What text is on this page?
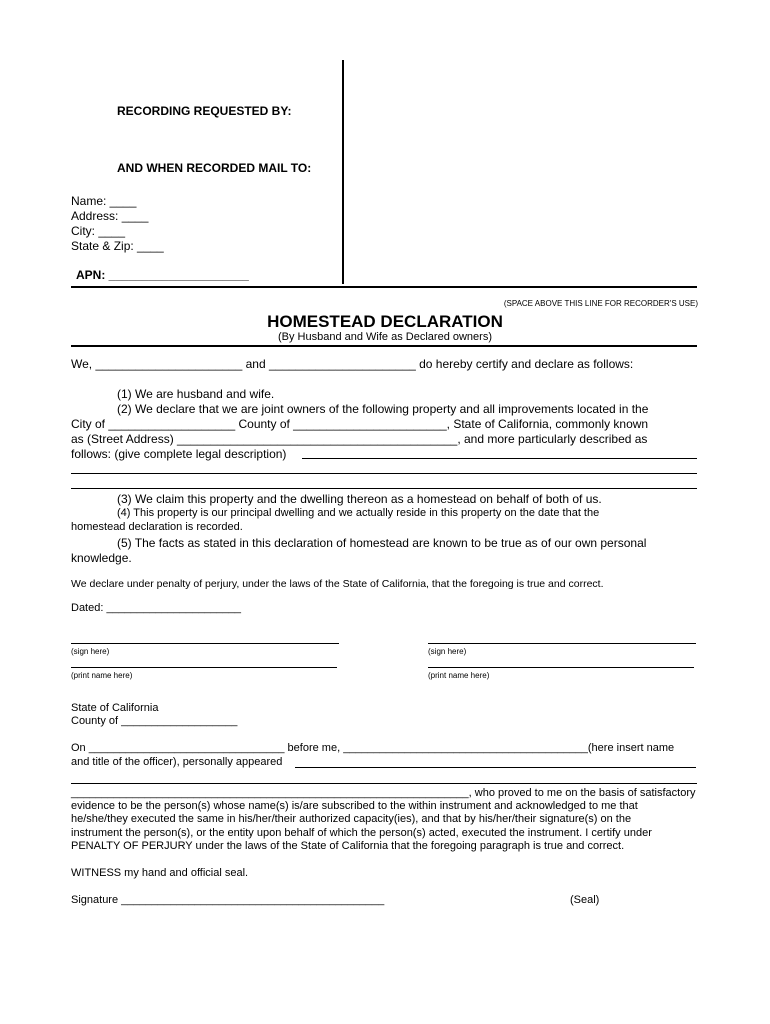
RECORDING REQUESTED BY:
AND WHEN RECORDED MAIL TO:
Name: ____
Address: ____
City: ____
State & Zip: ____
APN: _____________________
(SPACE ABOVE THIS LINE FOR RECORDER'S USE)
HOMESTEAD DECLARATION
(By Husband and Wife as Declared owners)
We, ______________________ and ______________________ do hereby certify and declare as follows:
(1) We are husband and wife.
(2) We declare that we are joint owners of the following property and all improvements located in the
City of ___________________ County of _______________________, State of California, commonly known
as (Street Address) __________________________________________, and more particularly described as
follows: (give complete legal description)
(3) We claim this property and the dwelling thereon as a homestead on behalf of both of us.
(4) This property is our principal dwelling and we actually reside in this property on the date that the
homestead declaration is recorded.
(5) The facts as stated in this declaration of homestead are known to be true as of our own personal
knowledge.
We declare under penalty of perjury, under the laws of the State of California, that the foregoing is true and correct.
Dated: ______________________
(sign here)	(sign here)
(print name here)	(print name here)
State of California
County of ___________________
On ________________________________ before me, ________________________________________(here insert name
and title of the officer), personally appeared
_________________________________________________________________, who proved to me on the basis of satisfactory
evidence to be the person(s) whose name(s) is/are subscribed to the within instrument and acknowledged to me that
he/she/they executed the same in his/her/their authorized capacity(ies), and that by his/her/their signature(s) on the
instrument the person(s), or the entity upon behalf of which the person(s) acted, executed the instrument. I certify under
PENALTY OF PERJURY under the laws of the State of California that the foregoing paragraph is true and correct.
WITNESS my hand and official seal.
Signature ___________________________________________	(Seal)
